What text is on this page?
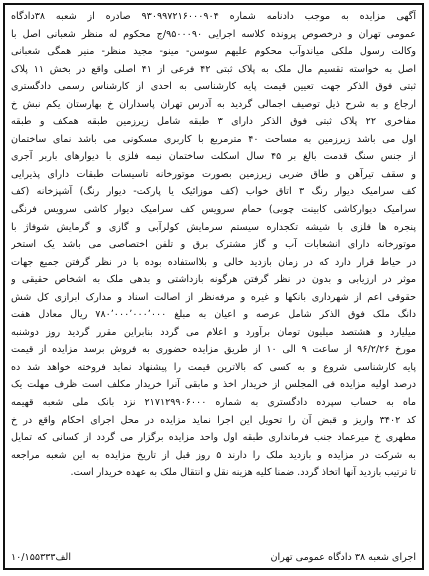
آگهی مزایده به موجب دادنامه شماره ۹۳۰۹۹۷۲۱۶۰۰۰۹۰۴ صادره از شعبه ۳۸دادگاه
عمومی تهران و درخصوص پرونده کلاسه اجرایی ۹۵۰۰۰۹۰/ج محکوم له منظر شعبانی اصل با
وکالت رسول ملکی میاندوآب محکوم علیهم سوسن- مینو- مجید منظر- منیر همگی شعبانی
اصل به خواسته تقسیم مال ملک به پلاک ثبتی ۴۲ فرعی از ۴۱ اصلی واقع در بخش ۱۱ پلاک
ثبتی فوق الذکر جهت تعیین قیمت پایه کارشناسی به احدی از کارشناس رسمی دادگستری
ارجاع و به شرح ذیل توصیف اجمالی گردید به آدرس تهران پاسداران خ بهارستان یکم نبش خ
مفاخری ۲۲ پلاک ثبتی فوق الذکر دارای ۳ طبقه شامل زیرزمین طبقه همکف و طبقه
اول می باشد زیرزمین به مساحت ۴۰ مترمربع با کاربری مسکونی می باشد نمای ساختمان
از جنس سنگ قدمت بالغ بر ۴۵ سال اسکلت ساختمان نیمه فلزی با دیوارهای باربر آجری
و سقف تیرآهن و طاق ضربی زیرزمین بصورت موتورخانه تاسیسات طبقات دارای پذیرایی
کف سرامیک دیوار رنگ ۳ اتاق خواب (کف موزائیک یا پارکت- دیوار رنگ) آشپزخانه (کف
سرامیک دیوارکاشی کابینت چوبی) حمام سرویس کف سرامیک دیوار کاشی سرویس فرنگی
پنجره ها فلزی با شیشه تکجداره سیستم سرمایش کولرآبی و گازی و گرمایش شوفاژ با
موتورخانه دارای انشعابات آب و گاز مشترک برق و تلفن اختصاصی می باشد یک استخر
در حیاط قرار دارد که در زمان بازدید خالی و بلااستفاده بوده با در نظر گرفتن جمیع جهات
موثر در ارزیابی و بدون در نظر گرفتن هرگونه بازداشتی و بدهی ملک به اشخاص حقیقی و
حقوقی اعم از شهرداری بانکها و غیره و مرفه‌نظر از اصالت اسناد و مدارک ابرازی کل شش
دانگ ملک فوق الذکر شامل عرصه و اعیان به مبلغ ۷۸۰٬۰۰۰٬۰۰۰٬۰۰۰ ریال معادل هفت
میلیارد و هشتصد میلیون تومان برآورد و اعلام می گردد بنابراین مقرر گردید روز دوشنبه
مورخ ۹۶/۲/۲۶ از ساعت ۹ الی ۱۰ از طریق مزایده حضوری به فروش برسد مزایده از قیمت
پایه کارشناسی شروع و به کسی که بالاترین قیمت را پیشنهاد نماید فروخته خواهد شد ده
درصد اولیه مزایده فی المجلس از خریدار اخذ و مابقی آنرا خریدار مکلف است ظرف مهلت یک
ماه به حساب سپرده دادگستری به شماره ۲۱۷۱۲۹۹۰۶۰۰۰ نزد بانک ملی شعبه قهیمه
کد ۳۴۰۲ واریز و قبض آن را تحویل این اجرا نماید مزایده در محل اجرای احکام واقع در خ
مطهری خ میرعماد جنب فرمانداری طبقه اول واحد مزایده برگزار می گردد از کسانی که تمایل
به شرکت در مزایده و بازدید ملک را دارند ۵ روز قبل از تاریخ مزایده به این شعبه مراجعه
تا ترتیب بازدید آنها اتخاذ گردد. ضمنا کلیه هزینه نقل و انتقال ملک به عهده خریدار است.
اجرای شعبه ۳۸ دادگاه عمومی تهران
الف۱۰/۱۵۵۳۳۳
